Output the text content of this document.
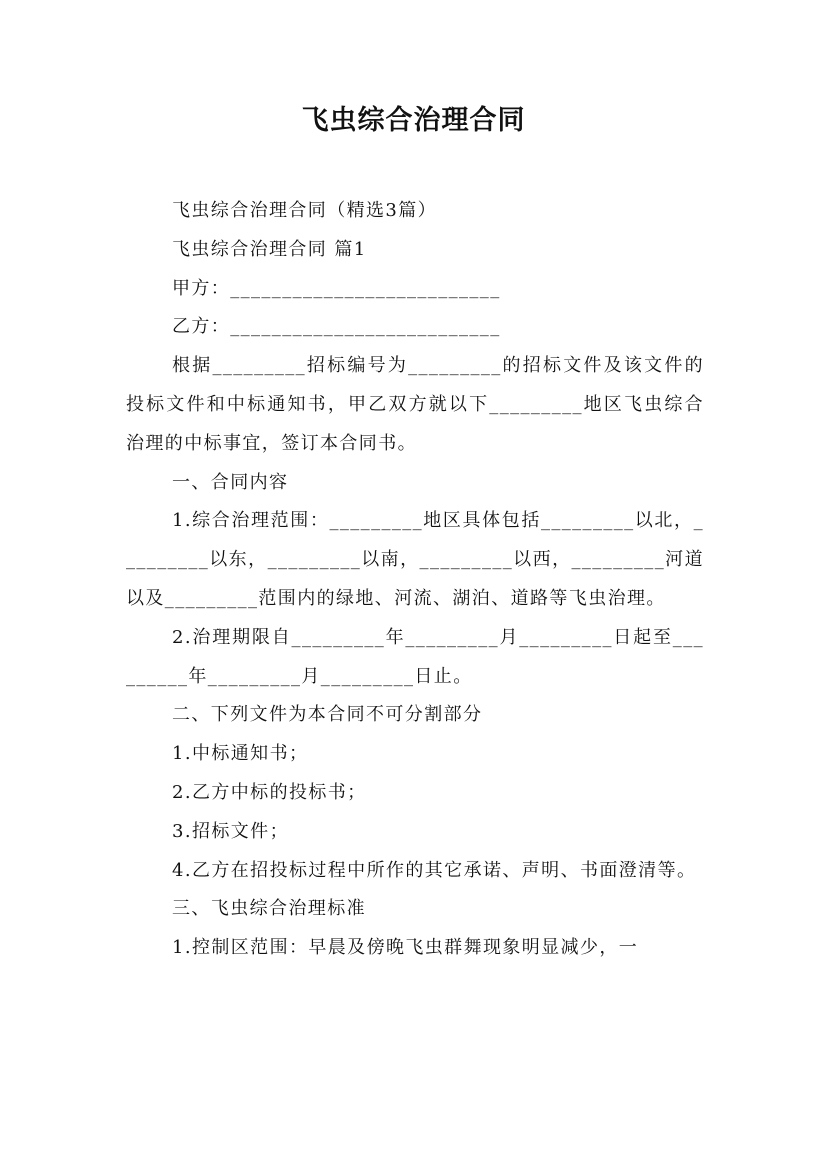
飞虫综合治理合同

飞虫综合治理合同（精选3篇）

飞虫综合治理合同 篇1

甲方：__________________________

乙方：__________________________

根据_________招标编号为_________的招标文件及该文件的投标文件和中标通知书，甲乙双方就以下_________地区飞虫综合治理的中标事宜，签订本合同书。

一、合同内容

1.综合治理范围：_________地区具体包括_________以北，_________以东，_________以南，_________以西，_________河道以及_________范围内的绿地、河流、湖泊、道路等飞虫治理。

2.治理期限自_________年_________月_________日起至_________年_________月_________日止。

二、下列文件为本合同不可分割部分

1.中标通知书；

2.乙方中标的投标书；

3.招标文件；

4.乙方在招投标过程中所作的其它承诺、声明、书面澄清等。

三、飞虫综合治理标准

1.控制区范围：早晨及傍晚飞虫群舞现象明显减少，一
